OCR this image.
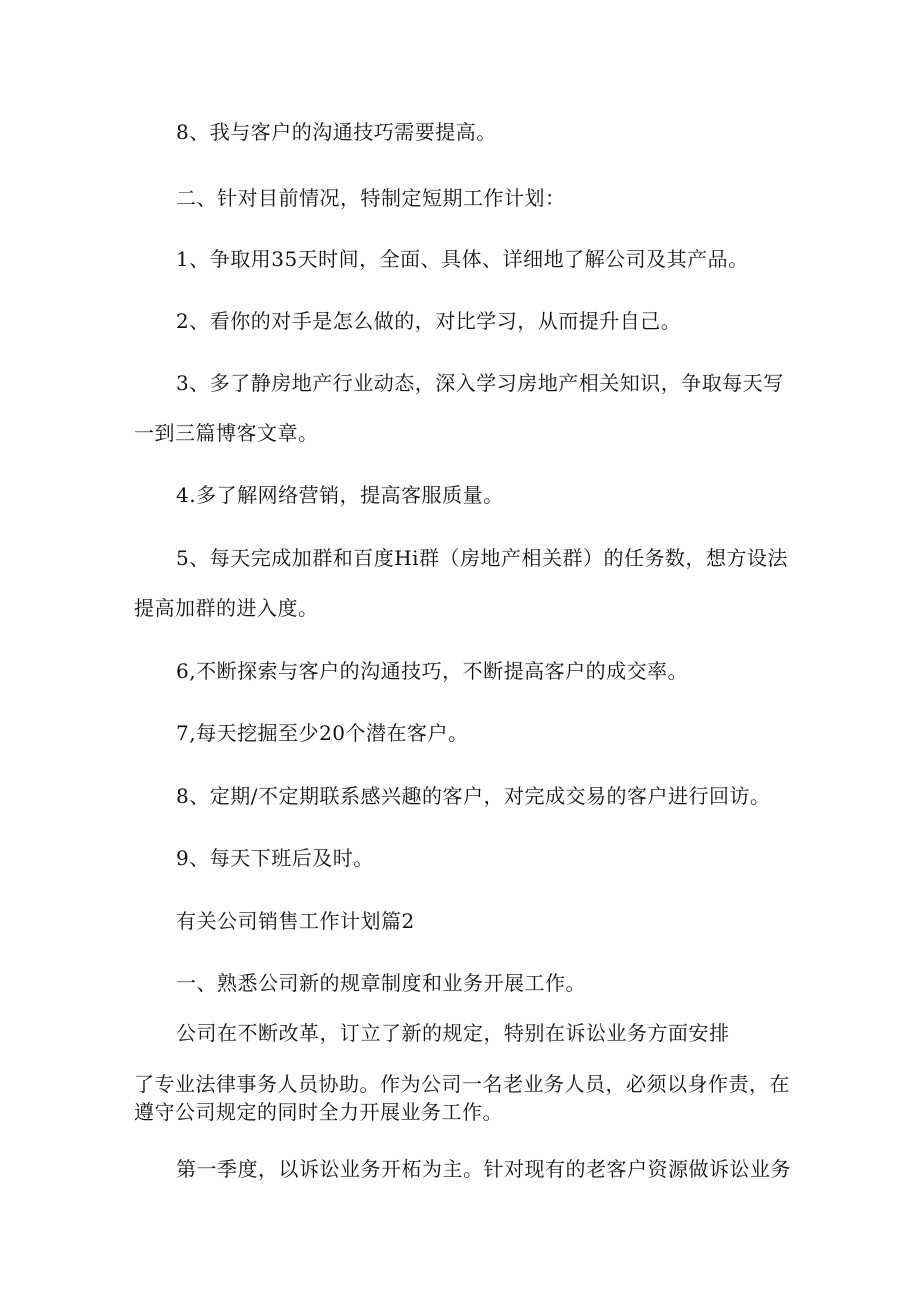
8、我与客户的沟通技巧需要提高。
二、针对目前情况，特制定短期工作计划：
1、争取用35天时间，全面、具体、详细地了解公司及其产品。
2、看你的对手是怎么做的，对比学习，从而提升自己。
3、多了静房地产行业动态，深入学习房地产相关知识，争取每天写
一到三篇博客文章。
4.多了解网络营销，提高客服质量。
5、每天完成加群和百度Hi群（房地产相关群）的任务数，想方设法
提高加群的进入度。
6,不断探索与客户的沟通技巧，不断提高客户的成交率。
7,每天挖掘至少20个潜在客户。
8、定期/不定期联系感兴趣的客户，对完成交易的客户进行回访。
9、每天下班后及时。
有关公司销售工作计划篇2
一、熟悉公司新的规章制度和业务开展工作。
公司在不断改革，订立了新的规定，特别在诉讼业务方面安排
了专业法律事务人员协助。作为公司一名老业务人员，必须以身作责，在
遵守公司规定的同时全力开展业务工作。
第一季度，以诉讼业务开柘为主。针对现有的老客户资源做诉讼业务
